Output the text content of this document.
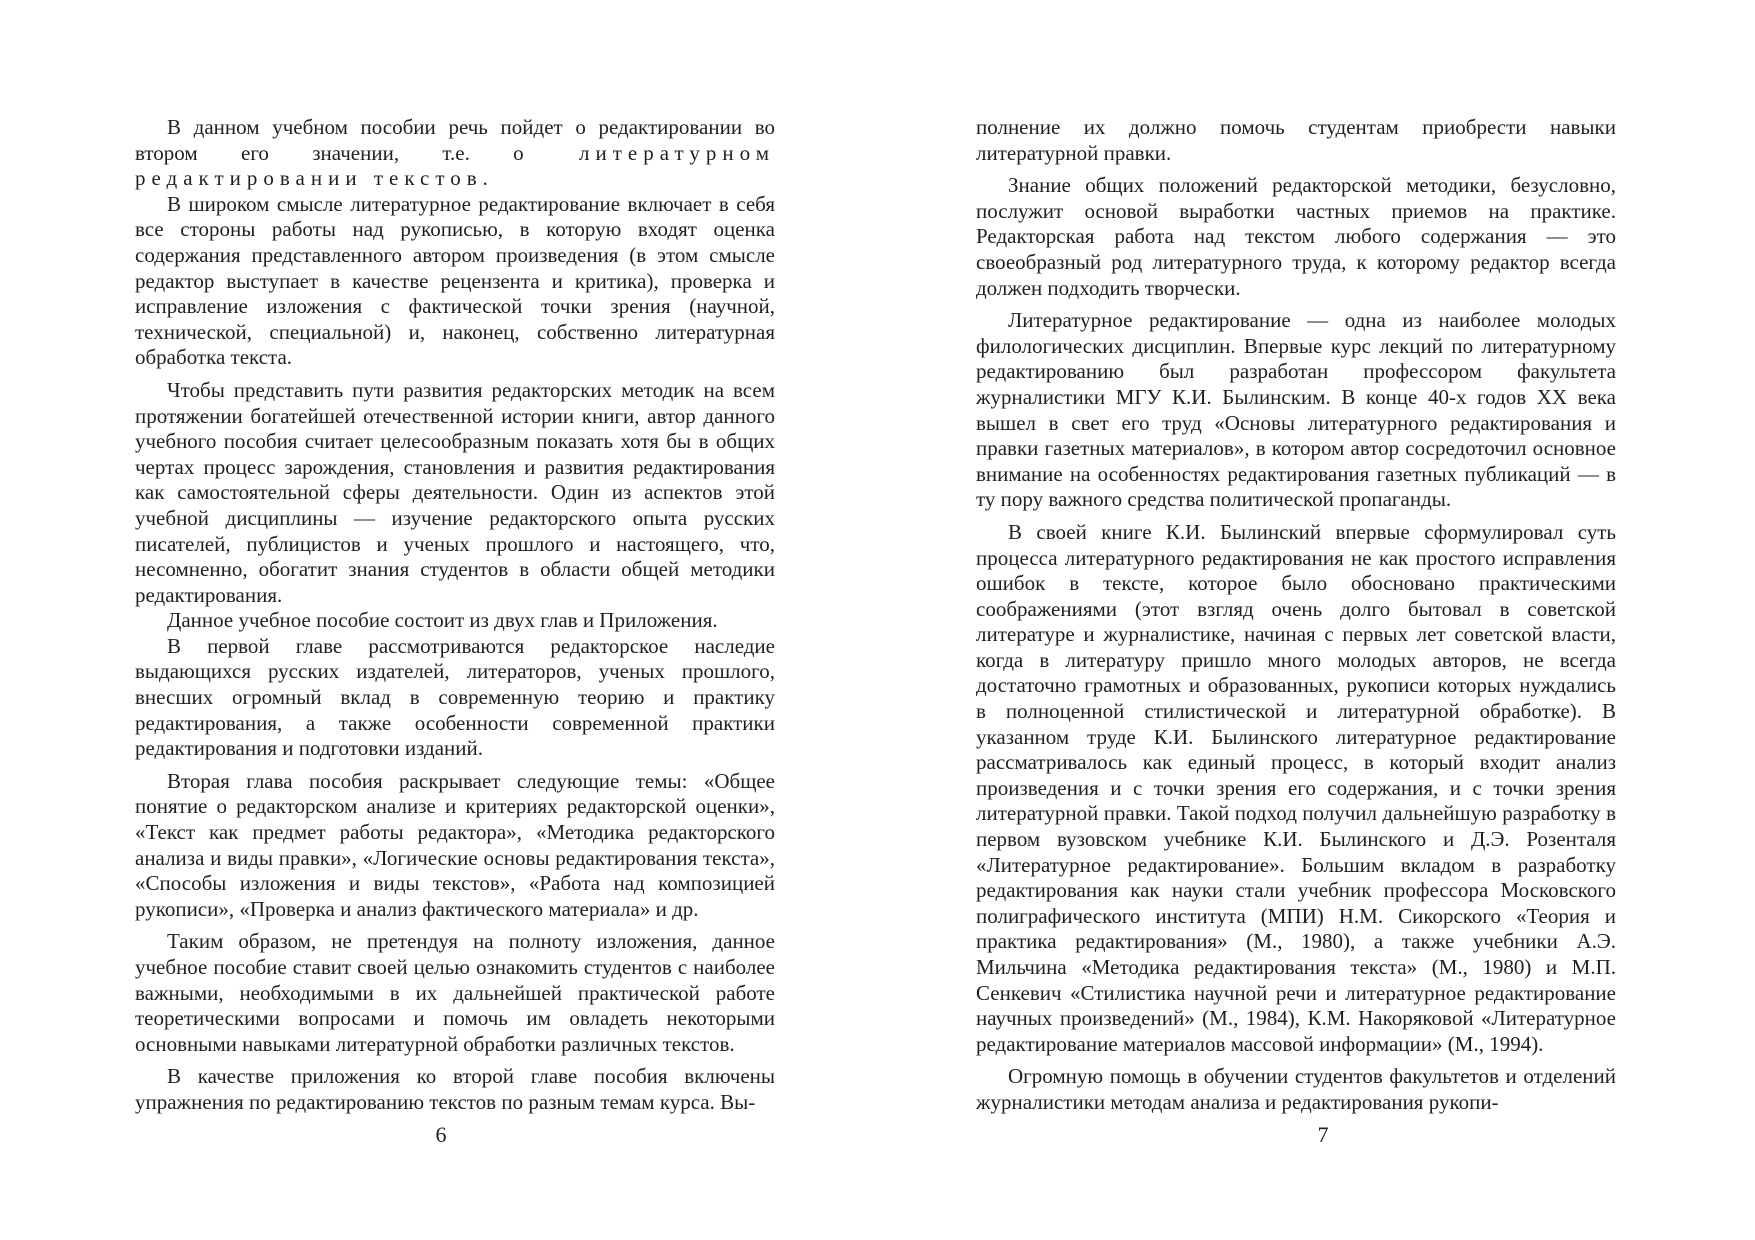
В данном учебном пособии речь пойдет о редактировании во втором его значении, т.е. о литературном редактировании текстов.

В широком смысле литературное редактирование включает в себя все стороны работы над рукописью, в которую входят оценка содержания представленного автором произведения (в этом смысле редактор выступает в качестве рецензента и критика), проверка и исправление изложения с фактической точки зрения (научной, технической, специальной) и, наконец, собственно литературная обработка текста.

Чтобы представить пути развития редакторских методик на всем протяжении богатейшей отечественной истории книги, автор данного учебного пособия считает целесообразным показать хотя бы в общих чертах процесс зарождения, становления и развития редактирования как самостоятельной сферы деятельности. Один из аспектов этой учебной дисциплины — изучение редакторского опыта русских писателей, публицистов и ученых прошлого и настоящего, что, несомненно, обогатит знания студентов в области общей методики редактирования.

Данное учебное пособие состоит из двух глав и Приложения.

В первой главе рассмотриваются редакторское наследие выдающихся русских издателей, литераторов, ученых прошлого, внесших огромный вклад в современную теорию и практику редактирования, а также особенности современной практики редактирования и подготовки изданий.

Вторая глава пособия раскрывает следующие темы: «Общее понятие о редакторском анализе и критериях редакторской оценки», «Текст как предмет работы редактора», «Методика редакторского анализа и виды правки», «Логические основы редактирования текста», «Способы изложения и виды текстов», «Работа над композицией рукописи», «Проверка и анализ фактического материала» и др.

Таким образом, не претендуя на полноту изложения, данное учебное пособие ставит своей целью ознакомить студентов с наиболее важными, необходимыми в их дальнейшей практической работе теоретическими вопросами и помочь им овладеть некоторыми основными навыками литературной обработки различных текстов.

В качестве приложения ко второй главе пособия включены упражнения по редактированию текстов по разным темам курса. Вы-

6

полнение их должно помочь студентам приобрести навыки литературной правки.

Знание общих положений редакторской методики, безусловно, послужит основой выработки частных приемов на практике. Редакторская работа над текстом любого содержания — это своеобразный род литературного труда, к которому редактор всегда должен подходить творчески.

Литературное редактирование — одна из наиболее молодых филологических дисциплин. Впервые курс лекций по литературному редактированию был разработан профессором факультета журналистики МГУ К.И. Былинским. В конце 40-х годов XX века вышел в свет его труд «Основы литературного редактирования и правки газетных материалов», в котором автор сосредоточил основное внимание на особенностях редактирования газетных публикаций — в ту пору важного средства политической пропаганды.

В своей книге К.И. Былинский впервые сформулировал суть процесса литературного редактирования не как простого исправления ошибок в тексте, которое было обосновано практическими соображениями (этот взгляд очень долго бытовал в советской литературе и журналистике, начиная с первых лет советской власти, когда в литературу пришло много молодых авторов, не всегда достаточно грамотных и образованных, рукописи которых нуждались в полноценной стилистической и литературной обработке). В указанном труде К.И. Былинского литературное редактирование рассматривалось как единый процесс, в который входит анализ произведения и с точки зрения его содержания, и с точки зрения литературной правки. Такой подход получил дальнейшую разработку в первом вузовском учебнике К.И. Былинского и Д.Э. Розенталя «Литературное редактирование». Большим вкладом в разработку редактирования как науки стали учебник профессора Московского полиграфического института (МПИ) Н.М. Сикорского «Теория и практика редактирования» (М., 1980), а также учебники А.Э. Мильчина «Методика редактирования текста» (М., 1980) и М.П. Сенкевич «Стилистика научной речи и литературное редактирование научных произведений» (М., 1984), К.М. Накоряковой «Литературное редактирование материалов массовой информации» (М., 1994).

Огромную помощь в обучении студентов факультетов и отделений журналистики методам анализа и редактирования рукопи-

7
